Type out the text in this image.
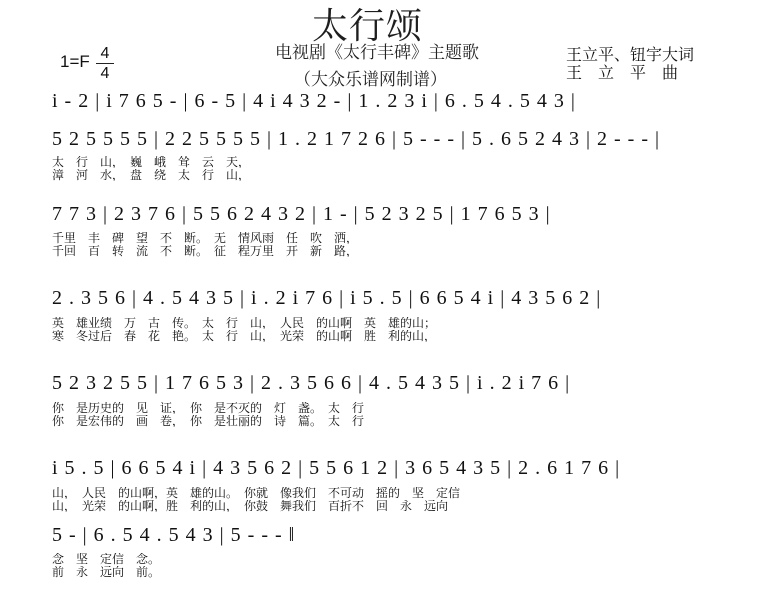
太行颂
电视剧《太行丰碑》主题歌
（大众乐谱网制谱）
1=F 4
4
王立平、钮宇大词
王　立　平　曲
i - 2 | i 7 6 5 - | 6 - 5 | 4 i 4 3 2 - | 1 . 2 3 i | 6 . 5 4 . 5 4 3 |
5 2 5 5 5 5 | 2 2 5 5 5 5 | 1 . 2 1 7 2 6 | 5 - - - | 5 . 6 5 2 4 3 | 2 - - - |
太　行　山，　巍　峨　耸　云　天，
漳　河　水，　盘　绕　太　行　山，
7 7 3 | 2 3 7 6 | 5 5 6 2 4 3 2 | 1 - | 5 2 3 2 5 | 1 7 6 5 3 |
千里　丰　碑　望　不　断。　无　情风雨　任　吹　洒，
千回　百　转　流　不　断。　征　程万里　开　新　路，
2 . 3 5 6 | 4 . 5 4 3 5 | i . 2 i 7 6 | i 5 . 5 | 6 6 5 4 i | 4 3 5 6 2 |
英　雄业绩　万　古　传。　太　行　山，　人民　的山啊　英　雄的山；
寒　冬过后　春　花　艳。　太　行　山，　光荣　的山啊　胜　利的山，
5 2 3 2 5 5 | 1 7 6 5 3 | 2 . 3 5 6 6 | 4 . 5 4 3 5 | i . 2 i 7 6 |
你　是历史的　见　证，　你　是不灭的　灯　盏。　太　行
你　是宏伟的　画　卷，　你　是壮丽的　诗　篇。　太　行
i 5 . 5 | 6 6 5 4 i | 4 3 5 6 2 | 5 5 6 1 2 | 3 6 5 4 3 5 | 2 . 6 1 7 6 |
山，　人民　的山啊，英　雄的山。　你就　像我们　不可动　摇的　坚　定信
山，　光荣　的山啊，胜　利的山，　你鼓　舞我们　百折不　回　永　远向
5 - | 6 . 5 4 . 5 4 3 | 5 - - - ‖
念　坚　定信　念。
前　永　远向　前。
